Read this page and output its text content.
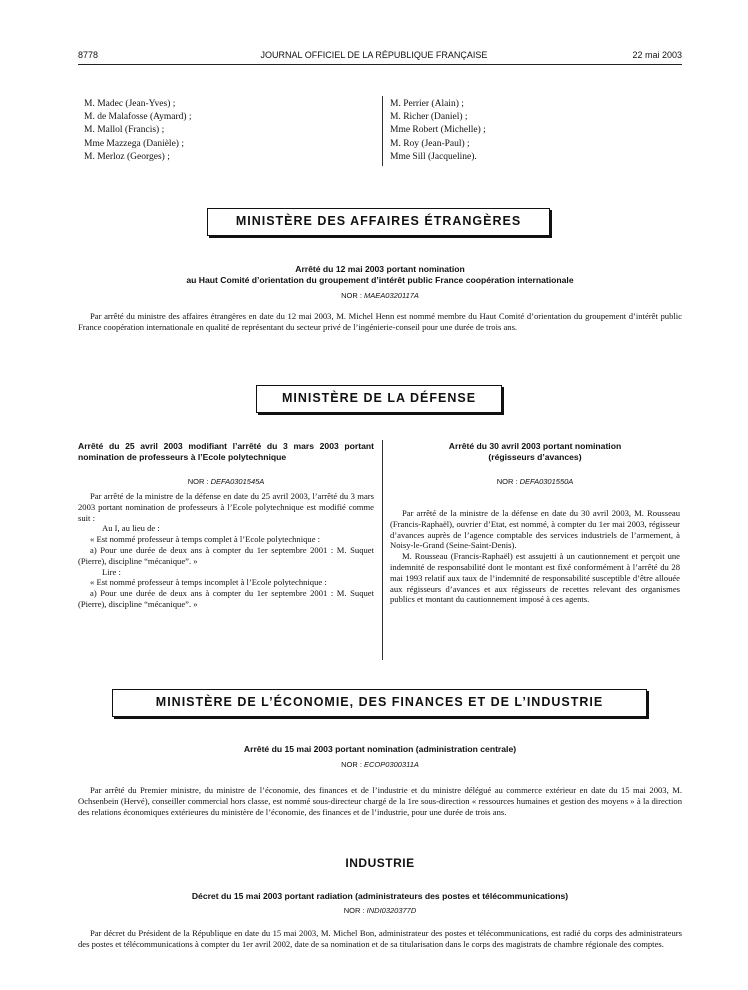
8778	JOURNAL OFFICIEL DE LA RÉPUBLIQUE FRANÇAISE	22 mai 2003
M. Madec (Jean-Yves) ;
M. de Malafosse (Aymard) ;
M. Mallol (Francis) ;
Mme Mazzega (Danièle) ;
M. Merloz (Georges) ;
M. Perrier (Alain) ;
M. Richer (Daniel) ;
Mme Robert (Michelle) ;
M. Roy (Jean-Paul) ;
Mme Sill (Jacqueline).
MINISTÈRE DES AFFAIRES ÉTRANGÈRES
Arrêté du 12 mai 2003 portant nomination
au Haut Comité d’orientation du groupement d’intérêt public France coopération internationale
NOR : MAEA0320117A
Par arrêté du ministre des affaires étrangères en date du 12 mai 2003, M. Michel Henn est nommé membre du Haut Comité d’orientation du groupement d’intérêt public France coopération internationale en qualité de représentant du secteur privé de l’ingénierie-conseil pour une durée de trois ans.
MINISTÈRE DE LA DÉFENSE
Arrêté du 25 avril 2003 modifiant l’arrêté du 3 mars 2003 portant nomination de professeurs à l’Ecole polytechnique
NOR : DEFA0301545A
Par arrêté de la ministre de la défense en date du 25 avril 2003, l’arrêté du 3 mars 2003 portant nomination de professeurs à l’Ecole polytechnique est modifié comme suit :
Au I, au lieu de :
« Est nommé professeur à temps complet à l’Ecole polytechnique :
a) Pour une durée de deux ans à compter du 1er septembre 2001 : M. Suquet (Pierre), discipline “mécanique”. »
Lire :
« Est nommé professeur à temps incomplet à l’Ecole polytechnique :
a) Pour une durée de deux ans à compter du 1er septembre 2001 : M. Suquet (Pierre), discipline “mécanique”. »
Arrêté du 30 avril 2003 portant nomination
(régisseurs d’avances)
NOR : DEFA0301550A
Par arrêté de la ministre de la défense en date du 30 avril 2003, M. Rousseau (Francis-Raphaël), ouvrier d’Etat, est nommé, à compter du 1er mai 2003, régisseur d’avances auprès de l’agence comptable des services industriels de l’armement, à Noisy-le-Grand (Seine-Saint-Denis).
M. Rousseau (Francis-Raphaël) est assujetti à un cautionnement et perçoit une indemnité de responsabilité dont le montant est fixé conformément à l’arrêté du 28 mai 1993 relatif aux taux de l’indemnité de responsabilité susceptible d’être allouée aux régisseurs d’avances et aux régisseurs de recettes relevant des organismes publics et montant du cautionnement imposé à ces agents.
MINISTÈRE DE L’ÉCONOMIE, DES FINANCES ET DE L’INDUSTRIE
Arrêté du 15 mai 2003 portant nomination (administration centrale)
NOR : ECOP0300311A
Par arrêté du Premier ministre, du ministre de l’économie, des finances et de l’industrie et du ministre délégué au commerce extérieur en date du 15 mai 2003, M. Ochsenbein (Hervé), conseiller commercial hors classe, est nommé sous-directeur chargé de la 1re sous-direction « ressources humaines et gestion des moyens » à la direction des relations économiques extérieures du ministère de l’économie, des finances et de l’industrie, pour une durée de trois ans.
INDUSTRIE
Décret du 15 mai 2003 portant radiation (administrateurs des postes et télécommunications)
NOR : INDI0320377D
Par décret du Président de la République en date du 15 mai 2003, M. Michel Bon, administrateur des postes et télécommunications, est radié du corps des administrateurs des postes et télécommunications à compter du 1er avril 2002, date de sa nomination et de sa titularisation dans le corps des magistrats de chambre régionale des comptes.
